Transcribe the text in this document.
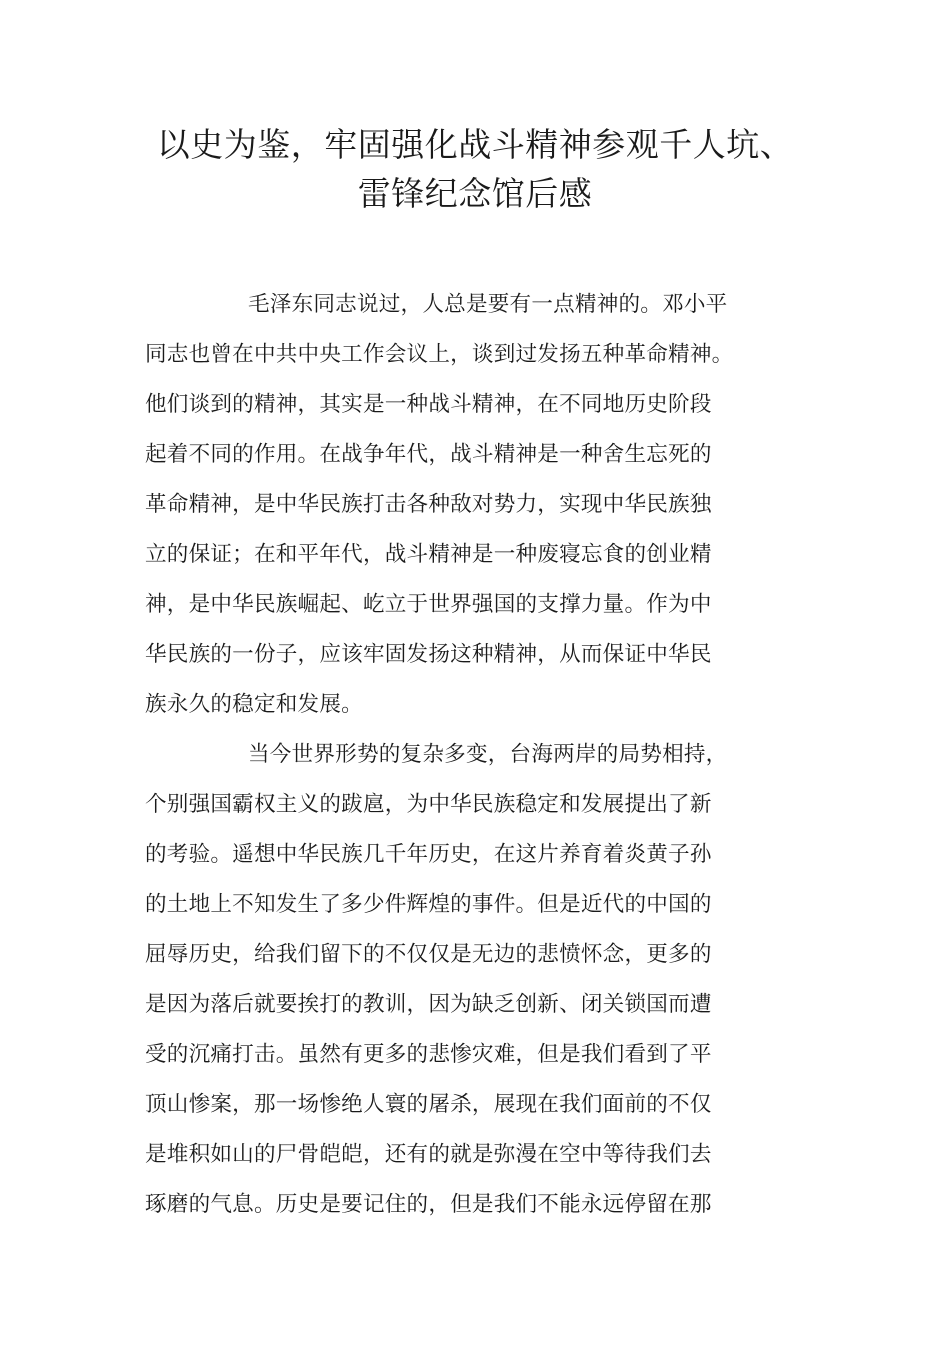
以史为鉴，牢固强化战斗精神参观千人坑、
雷锋纪念馆后感
毛泽东同志说过，人总是要有一点精神的。邓小平
同志也曾在中共中央工作会议上，谈到过发扬五种革命精神。
他们谈到的精神，其实是一种战斗精神，在不同地历史阶段
起着不同的作用。在战争年代，战斗精神是一种舍生忘死的
革命精神，是中华民族打击各种敌对势力，实现中华民族独
立的保证；在和平年代，战斗精神是一种废寝忘食的创业精
神，是中华民族崛起、屹立于世界强国的支撑力量。作为中
华民族的一份子，应该牢固发扬这种精神，从而保证中华民
族永久的稳定和发展。
当今世界形势的复杂多变，台海两岸的局势相持，
个别强国霸权主义的跋扈，为中华民族稳定和发展提出了新
的考验。遥想中华民族几千年历史，在这片养育着炎黄子孙
的土地上不知发生了多少件辉煌的事件。但是近代的中国的
屈辱历史，给我们留下的不仅仅是无边的悲愤怀念，更多的
是因为落后就要挨打的教训，因为缺乏创新、闭关锁国而遭
受的沉痛打击。虽然有更多的悲惨灾难，但是我们看到了平
顶山惨案，那一场惨绝人寰的屠杀，展现在我们面前的不仅
是堆积如山的尸骨皑皑，还有的就是弥漫在空中等待我们去
琢磨的气息。历史是要记住的，但是我们不能永远停留在那
